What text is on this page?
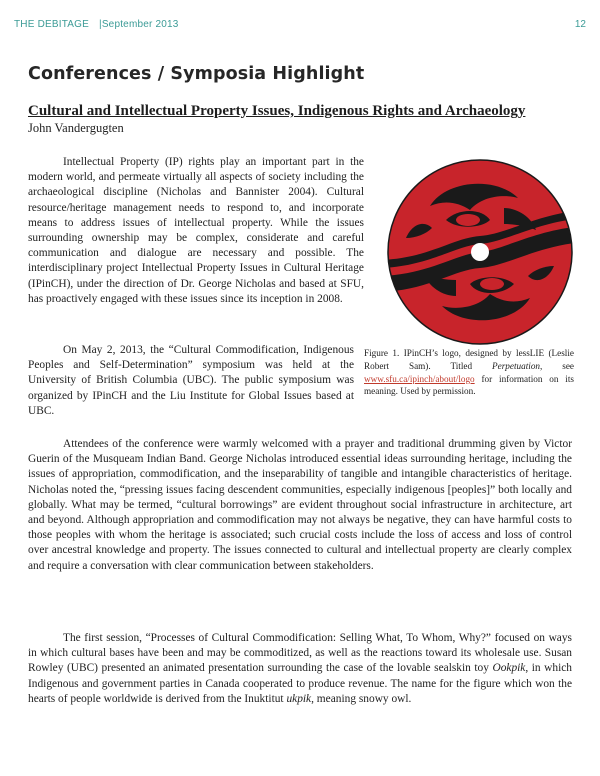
THE DEBITAGE |September 2013	12
Conferences / Symposia Highlight
Cultural and Intellectual Property Issues, Indigenous Rights and Archaeology
John Vandergugten

Intellectual Property (IP) rights play an important part in the modern world, and permeate virtually all aspects of society including the archaeological discipline (Nicholas and Bannister 2004). Cultural resource/heritage management needs to respond to, and incorporate means to address issues of intellectual property. While the issues surrounding ownership may be complex, considerate and careful communication and dialogue are necessary and possible. The interdisciplinary project Intellectual Property Issues in Cultural Heritage (IPinCH), under the direction of Dr. George Nicholas and based at SFU, has proactively engaged with these issues since its inception in 2008.

On May 2, 2013, the “Cultural Commodification, Indigenous Peoples and Self-Determination” symposium was held at the University of British Columbia (UBC). The public symposium was organized by IPinCH and the Liu Institute for Global Issues based at UBC.

Figure 1. IPinCH’s logo, designed by lessLIE (Leslie Robert Sam). Titled Perpetuation, see www.sfu.ca/ipinch/about/logo for information on its meaning. Used by permission.

Attendees of the conference were warmly welcomed with a prayer and traditional drumming given by Victor Guerin of the Musqueam Indian Band. George Nicholas introduced essential ideas surrounding heritage, including the issues of appropriation, commodification, and the inseparability of tangible and intangible characteristics of heritage. Nicholas noted the, “pressing issues facing descendent communities, especially indigenous [peoples]” both locally and globally. What may be termed, “cultural borrowings” are evident throughout social infrastructure in architecture, art and beyond. Although appropriation and commodification may not always be negative, they can have harmful costs to those peoples with whom the heritage is associated; such crucial costs include the loss of access and loss of control over ancestral knowledge and property. The issues connected to cultural and intellectual property are clearly complex and require a conversation with clear communication between stakeholders.

The first session, “Processes of Cultural Commodification: Selling What, To Whom, Why?” focused on ways in which cultural bases have been and may be commoditized, as well as the reactions toward its wholesale use. Susan Rowley (UBC) presented an animated presentation surrounding the case of the lovable sealskin toy Ookpik, in which Indigenous and government parties in Canada cooperated to produce revenue. The name for the figure which won the hearts of people worldwide is derived from the Inuktitut ukpik, meaning snowy owl.
